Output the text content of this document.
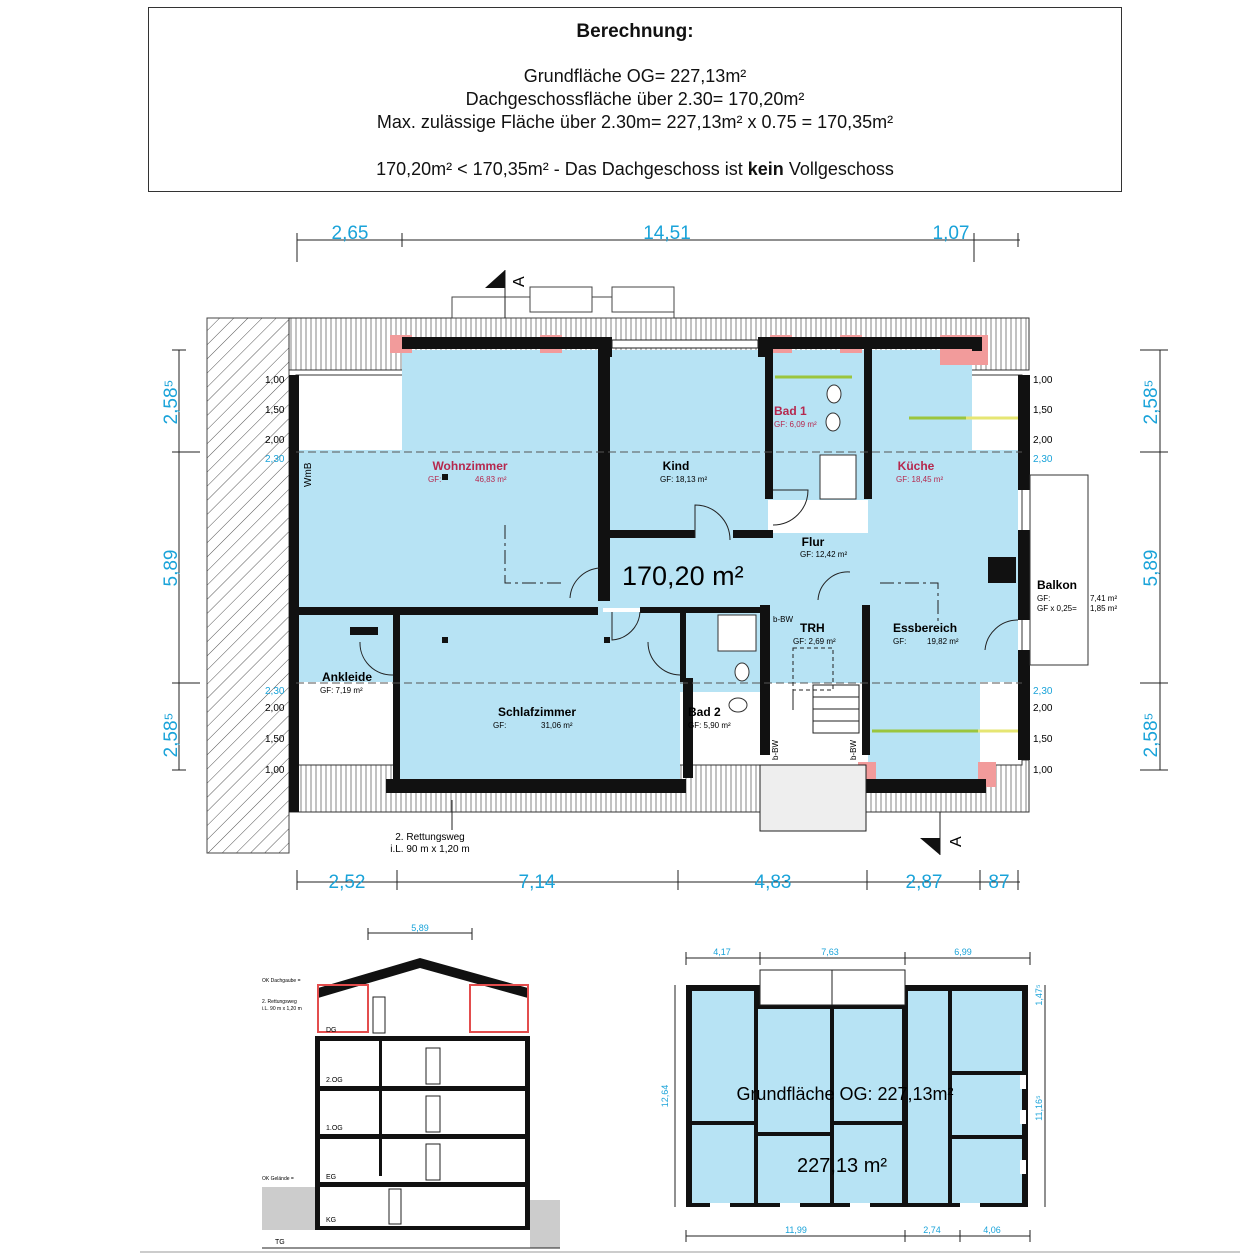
Berechnung:
Grundfläche OG= 227,13m²
Dachgeschossfläche über 2.30= 170,20m²
Max. zulässige Fläche über 2.30m= 227,13m² x 0.75 = 170,35m²
170,20m² < 170,35m² - Das Dachgeschoss ist kein Vollgeschoss
2,65	14,51	1,07
A
A
1,00
1,50
2,00
2,30
2,30
2,00
1,50
1,00
1,00
1,50
2,00
2,30
2,30
2,00
1,50
1,00
2,58⁵
5,89
2,58⁵
2,58⁵
5,89
2,58⁵
2,52	7,14	4,83	2,87 87
WmB
170,20 m²
2. Rettungsweg
i.L. 90 m x 1,20 m
b-BW
b-BW	b-BW
Wohnzimmer
GF:	46,83 m²
Kind
GF: 18,13 m²
Bad 1
GF: 6,09 m²
Küche
GF: 18,45 m²
Flur
GF: 12,42 m²
Balkon
GF:	7,41 m²
GF x 0,25= 1,85 m²
TRH
GF: 2,69 m²
Essbereich
GF:	19,82 m²
Ankleide
GF: 7,19 m²
Schlafzimmer
GF:	31,06 m²
Bad 2
GF: 5,90 m²
5,89
DG
2.OG
1.OG
EG
KG
TG
OK Dachgaube =
2. Rettungsweg
i.L. 90 m x 1,20 m
OK Gelände =
4,17	7,63	6,99
Grundfläche OG: 227,13m²
227,13 m²
12,64
1,47⁵
11,16⁵
11,99	2,74	4,06
